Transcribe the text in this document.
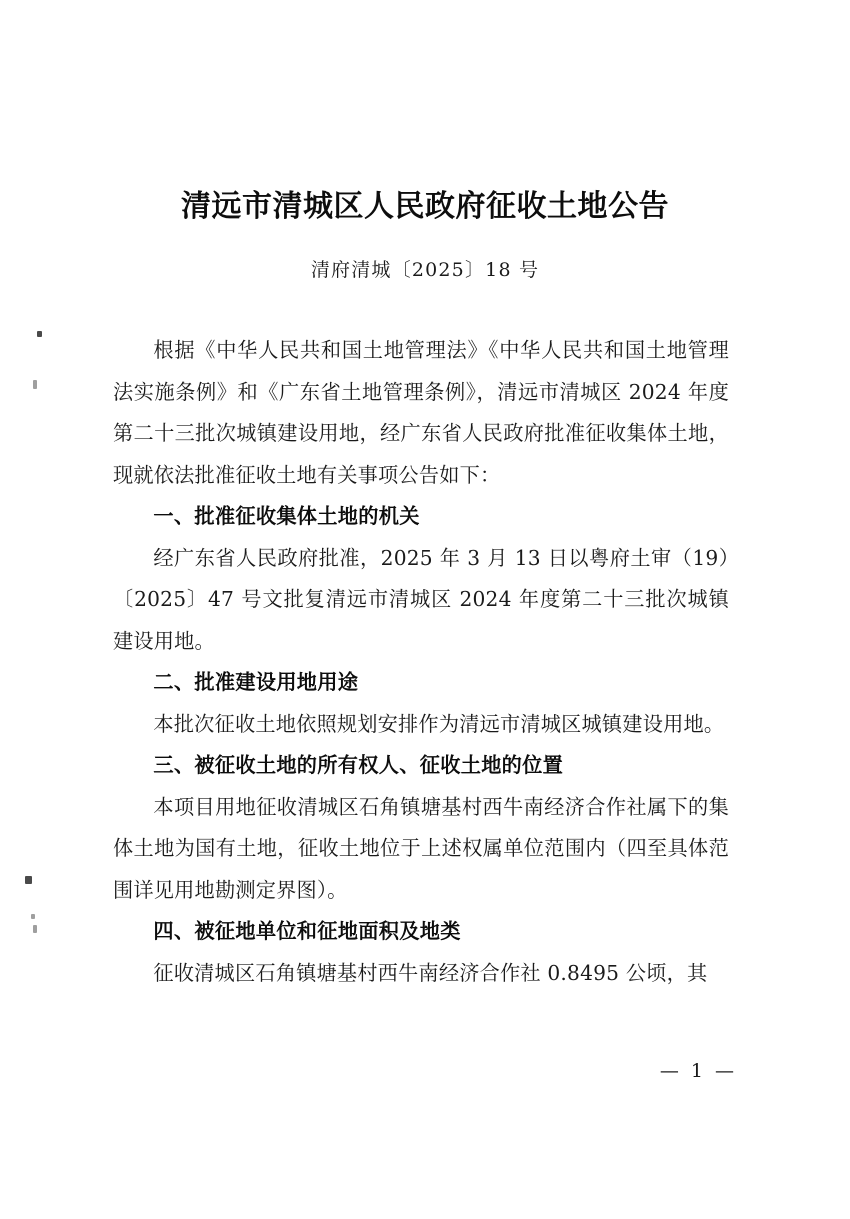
清远市清城区人民政府征收土地公告
清府清城〔2025〕18 号

根据《中华人民共和国土地管理法》《中华人民共和国土地管理法实施条例》和《广东省土地管理条例》，清远市清城区 2024 年度第二十三批次城镇建设用地，经广东省人民政府批准征收集体土地，现就依法批准征收土地有关事项公告如下：

一、批准征收集体土地的机关

经广东省人民政府批准，2025 年 3 月 13 日以粤府土审（19）〔2025〕47 号文批复清远市清城区 2024 年度第二十三批次城镇建设用地。

二、批准建设用地用途

本批次征收土地依照规划安排作为清远市清城区城镇建设用地。

三、被征收土地的所有权人、征收土地的位置

本项目用地征收清城区石角镇塘基村西牛南经济合作社属下的集体土地为国有土地，征收土地位于上述权属单位范围内（四至具体范围详见用地勘测定界图）。

四、被征地单位和征地面积及地类

征收清城区石角镇塘基村西牛南经济合作社 0.8495 公顷，其

— 1 —
